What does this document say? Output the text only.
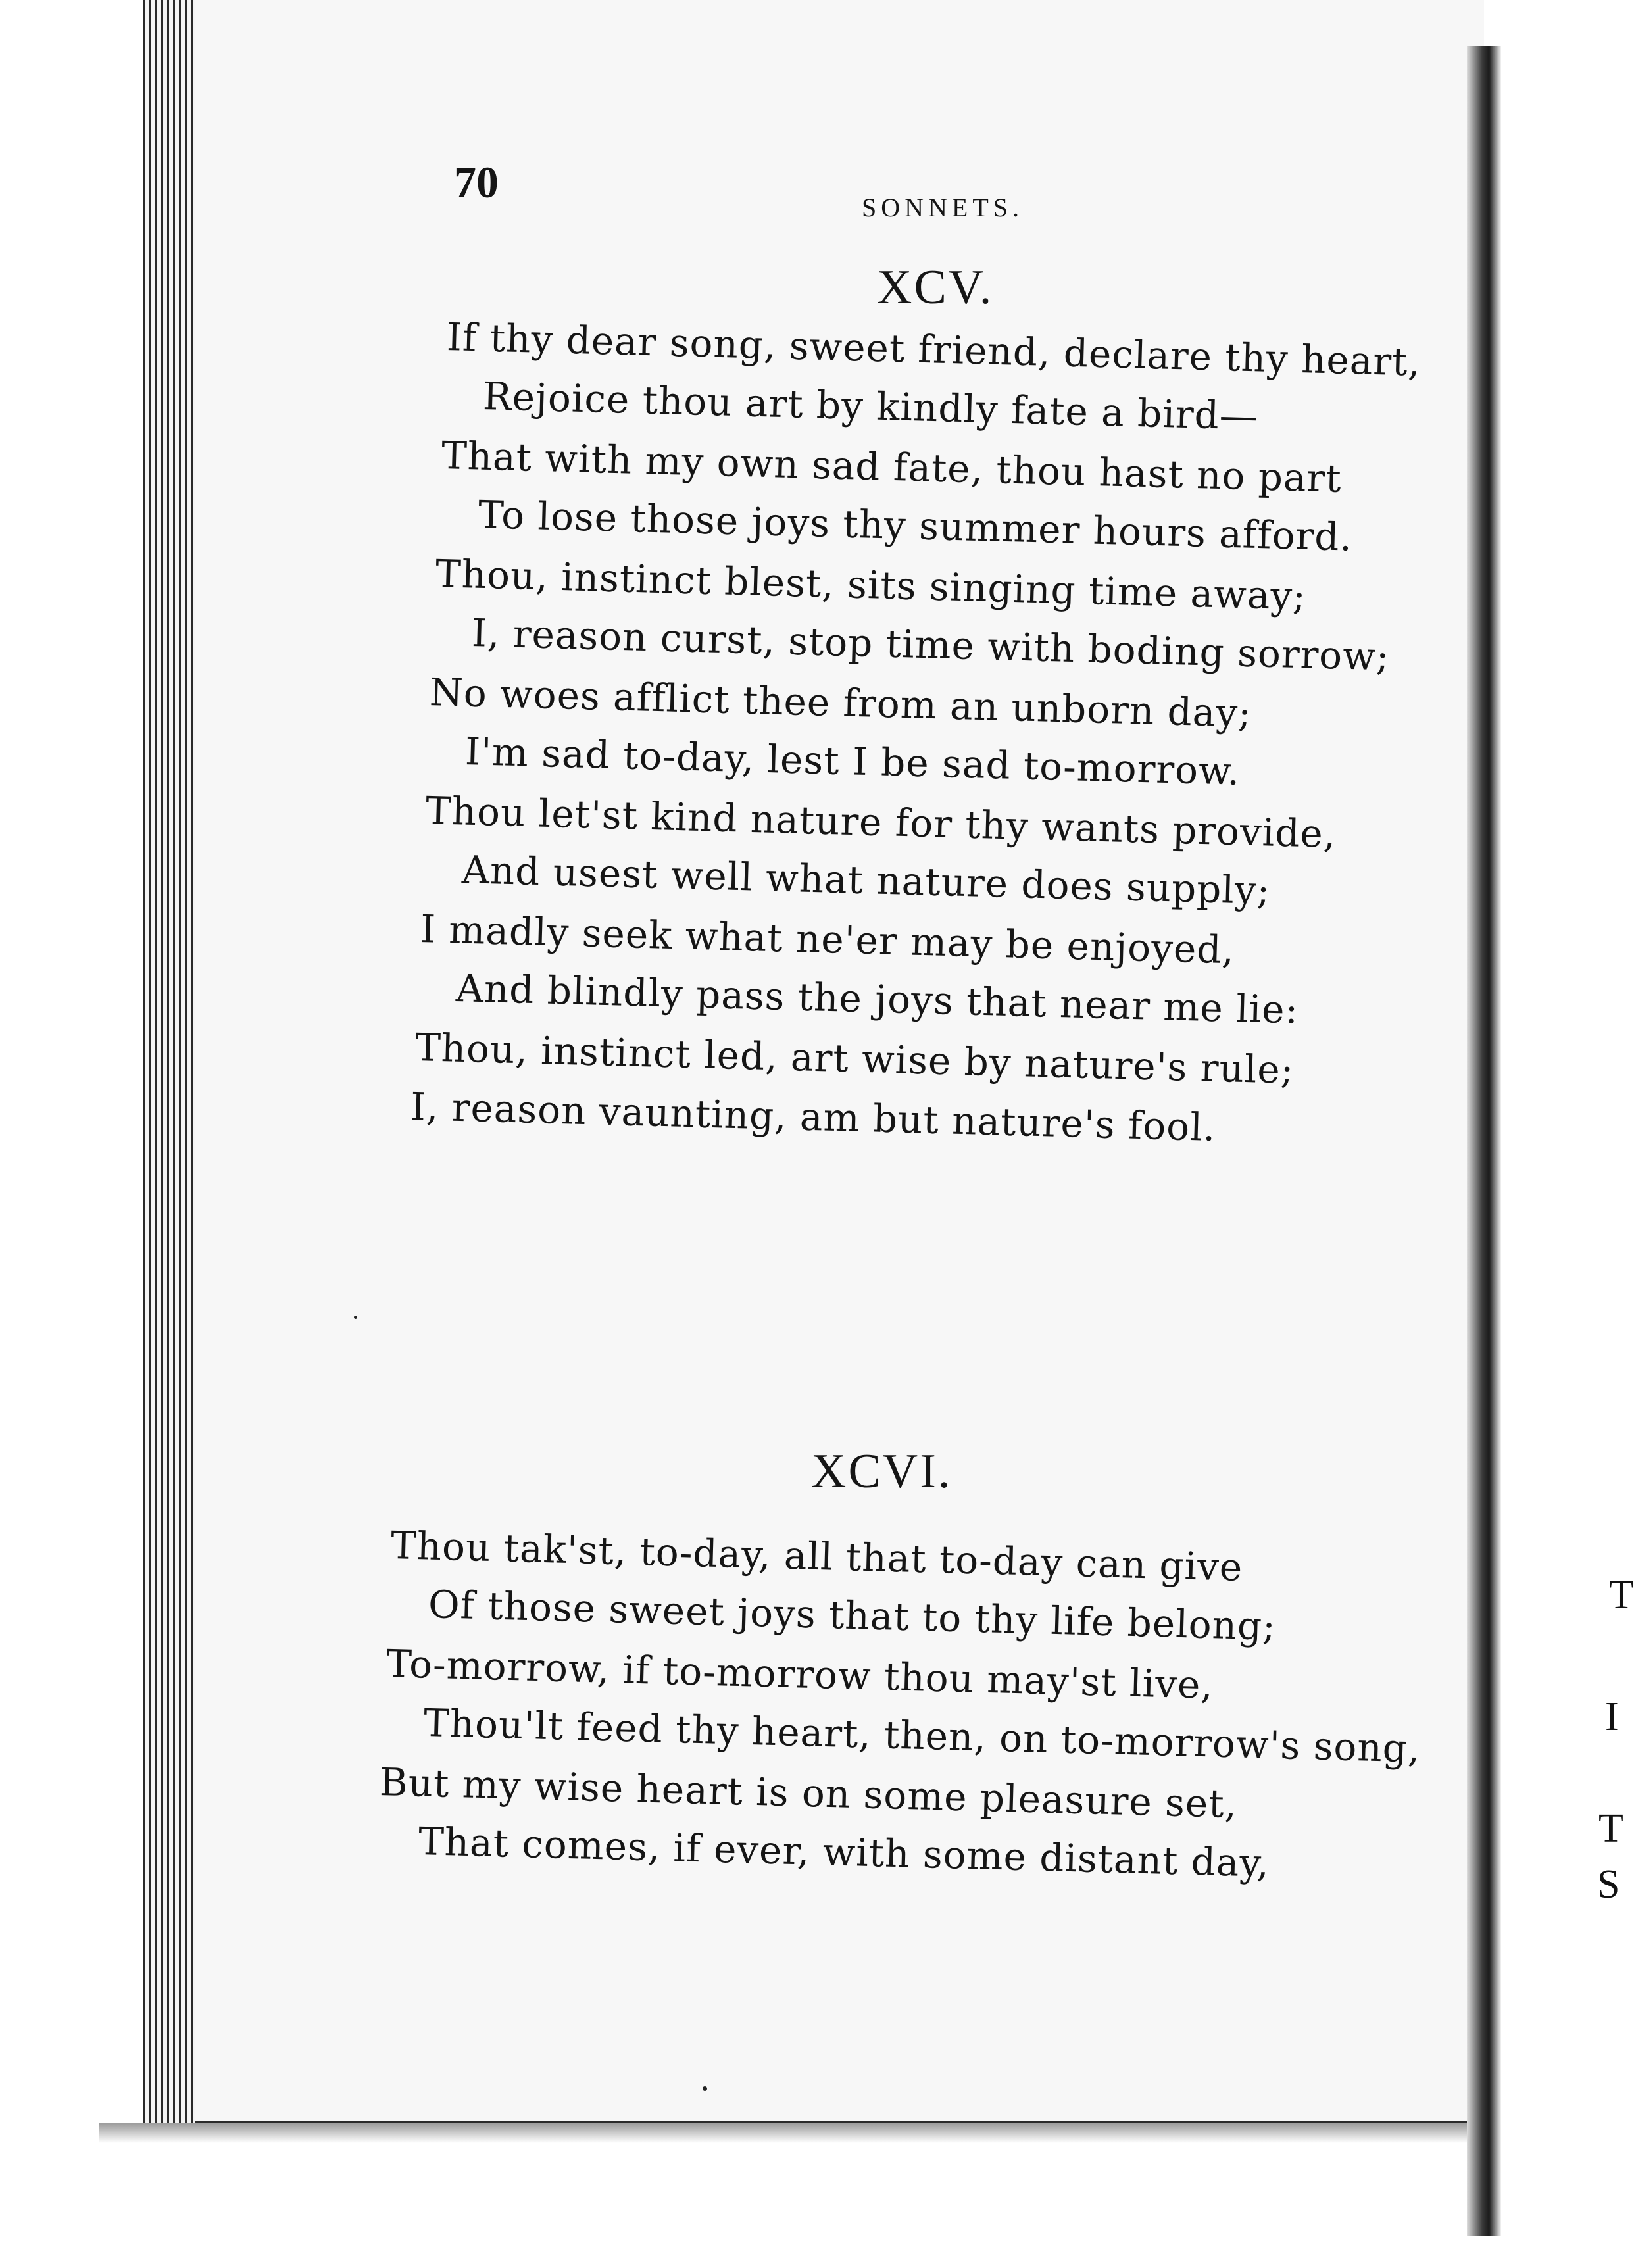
T
I
T
S
70
SONNETS.
XCV.
If thy dear song, sweet friend, declare thy heart,
Rejoice thou art by kindly fate a bird—
That with my own sad fate, thou hast no part
To lose those joys thy summer hours afford.
Thou, instinct blest, sits singing time away;
I, reason curst, stop time with boding sorrow;
No woes afflict thee from an unborn day;
I'm sad to-day, lest I be sad to-morrow.
Thou let'st kind nature for thy wants provide,
And usest well what nature does supply;
I madly seek what ne'er may be enjoyed,
And blindly pass the joys that near me lie:
Thou, instinct led, art wise by nature's rule;
I, reason vaunting, am but nature's fool.
XCVI.
Thou tak'st, to-day, all that to-day can give
Of those sweet joys that to thy life belong;
To-morrow, if to-morrow thou may'st live,
Thou'lt feed thy heart, then, on to-morrow's song,
But my wise heart is on some pleasure set,
That comes, if ever, with some distant day,
